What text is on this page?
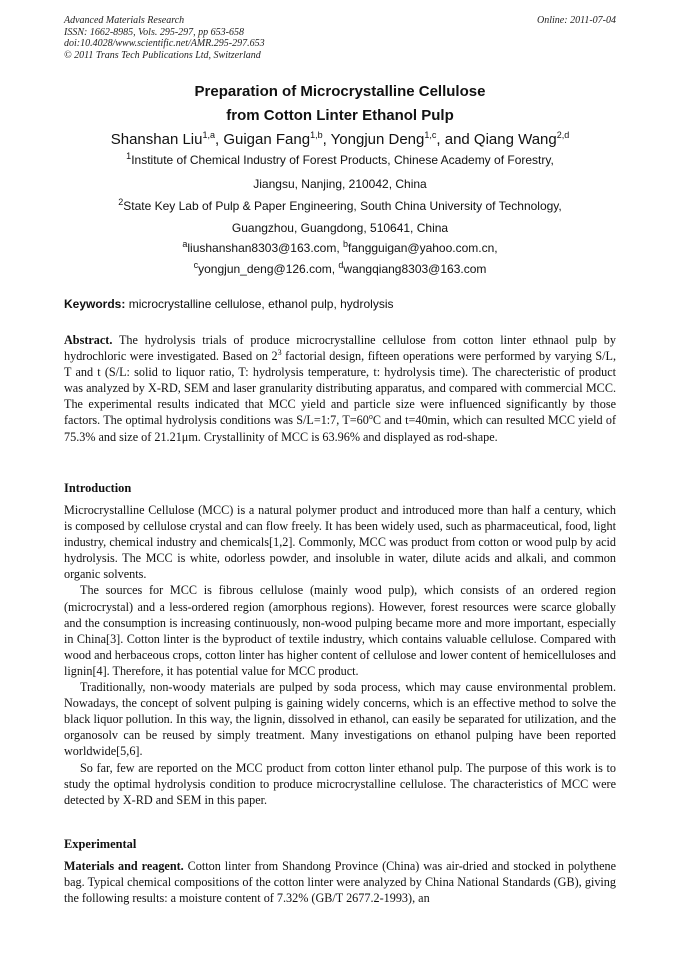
Advanced Materials Research
ISSN: 1662-8985, Vols. 295-297, pp 653-658
doi:10.4028/www.scientific.net/AMR.295-297.653
© 2011 Trans Tech Publications Ltd, Switzerland
Online: 2011-07-04
Preparation of Microcrystalline Cellulose
from Cotton Linter Ethanol Pulp
Shanshan Liu$^{1,a}$, Guigan Fang$^{1,b}$, Yongjun Deng$^{1,c}$, and Qiang Wang$^{2,d}$
$^1$Institute of Chemical Industry of Forest Products, Chinese Academy of Forestry,
Jiangsu, Nanjing, 210042, China
$^2$State Key Lab of Pulp & Paper Engineering, South China University of Technology,
Guangzhou, Guangdong, 510641, China
$^a$liushanshan8303@163.com, $^b$fangguigan@yahoo.com.cn,
$^c$yongjun_deng@126.com, $^d$wangqiang8303@163.com
Keywords: microcrystalline cellulose, ethanol pulp, hydrolysis

Abstract. The hydrolysis trials of produce microcrystalline cellulose from cotton linter ethnaol pulp by hydrochloric were investigated. Based on $2^3$ factorial design, fifteen operations were performed by varying S/L, T and t (S/L: solid to liquor ratio, T: hydrolysis temperature, t: hydrolysis time). The charecteristic of product was analyzed by X-RD, SEM and laser granularity distributing apparatus, and compared with commercial MCC. The experimental results indicated that MCC yield and particle size were influenced significantly by those factors. The optimal hydrolysis conditions was S/L=1:7, $T=60^oC$ and t=40min, which can resulted MCC yield of 75.3% and size of 21.21μm. Crystallinity of MCC is 63.96% and displayed as rod-shape.

Introduction

Microcrystalline Cellulose (MCC) is a natural polymer product and introduced more than half a century, which is composed by cellulose crystal and can flow freely. It has been widely used, such as pharmaceutical, food, light industry, chemical industry and chemicals[1,2]. Commonly, MCC was product from cotton or wood pulp by acid hydrolysis. The MCC is white, odorless powder, and insoluble in water, dilute acids and alkali, and common organic solvents.

The sources for MCC is fibrous cellulose (mainly wood pulp), which consists of an ordered region (microcrystal) and a less-ordered region (amorphous regions). However, forest resources were scarce globally and the consumption is increasing continuously, non-wood pulping became more and more important, especially in China[3]. Cotton linter is the byproduct of textile industry, which contains valuable cellulose. Compared with wood and herbaceous crops, cotton linter has higher content of cellulose and lower content of hemicelluloses and lignin[4]. Therefore, it has potential value for MCC product.

Traditionally, non-woody materials are pulped by soda process, which may cause environmental problem. Nowadays, the concept of solvent pulping is gaining widely concerns, which is an effective method to solve the black liquor pollution. In this way, the lignin, dissolved in ethanol, can easily be separated for utilization, and the organosolv can be reused by simply treatment. Many investigations on ethanol pulping have been reported worldwide[5,6].

So far, few are reported on the MCC product from cotton linter ethanol pulp. The purpose of this work is to study the optimal hydrolysis condition to produce microcrystalline cellulose. The characteristics of MCC were detected by X-RD and SEM in this paper.

Experimental

Materials and reagent. Cotton linter from Shandong Province (China) was air-dried and stocked in polythene bag. Typical chemical compositions of the cotton linter were analyzed by China National Standards (GB), giving the following results: a moisture content of 7.32% (GB/T 2677.2-1993), an
